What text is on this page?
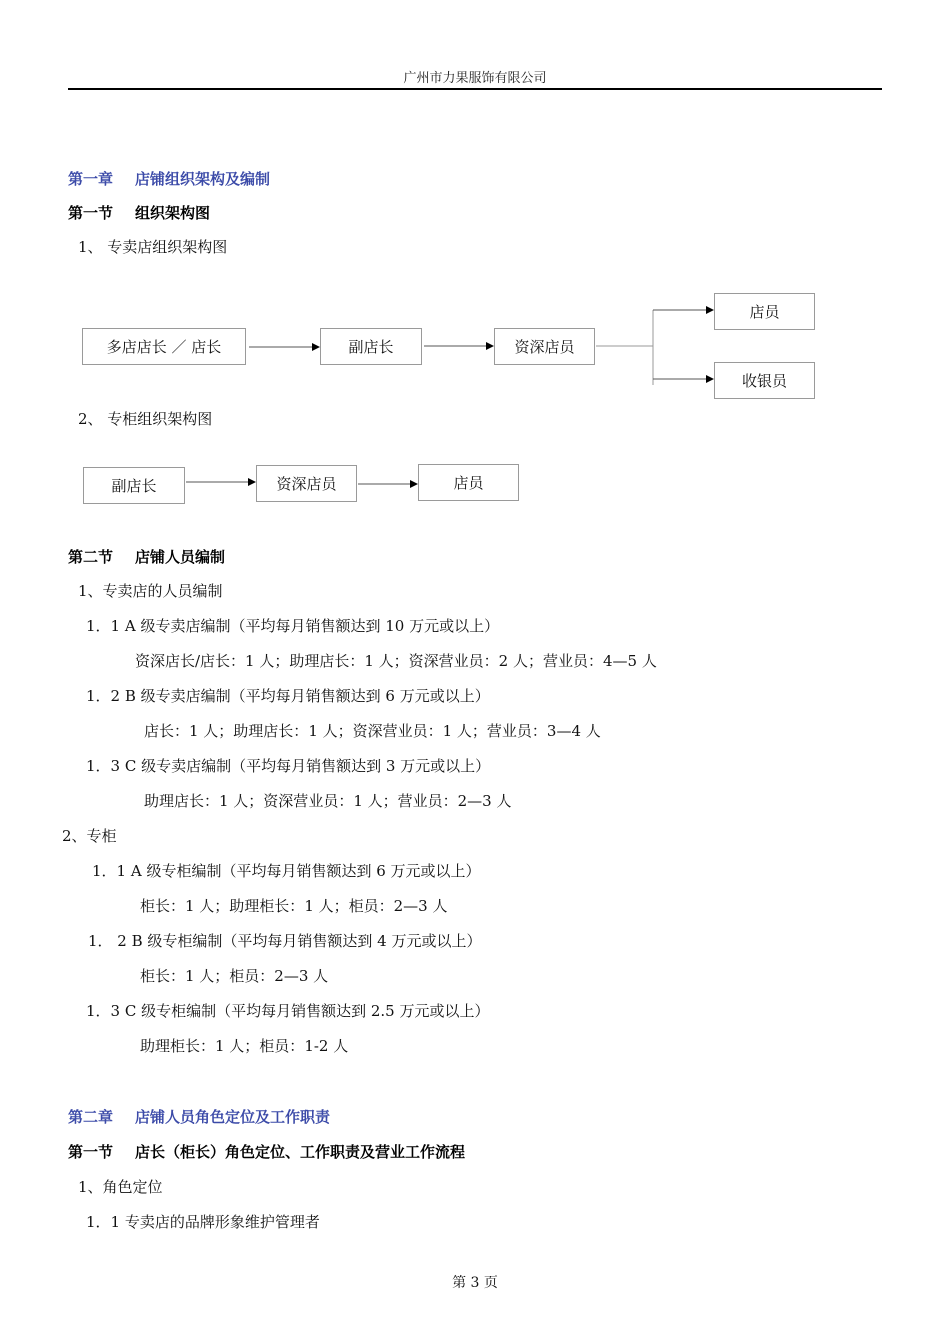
广州市力果服饰有限公司
第一章 店铺组织架构及编制
第一节 组织架构图
1、 专卖店组织架构图
多店店长 ／ 店长	副店长	资深店员
店员
收银员
2、 专柜组织架构图
副店长	资深店员	店员
第二节 店铺人员编制
1、专卖店的人员编制
1．1 A 级专卖店编制（平均每月销售额达到 10 万元或以上）
资深店长/店长：1 人；助理店长：1 人；资深营业员：2 人；营业员：4—5 人
1．2 B 级专卖店编制（平均每月销售额达到 6 万元或以上）
店长：1 人；助理店长：1 人；资深营业员：1 人；营业员：3—4 人
1．3 C 级专卖店编制（平均每月销售额达到 3 万元或以上）
助理店长：1 人；资深营业员：1 人；营业员：2—3 人
2、专柜
1．1 A 级专柜编制（平均每月销售额达到 6 万元或以上）
柜长：1 人；助理柜长：1 人；柜员：2—3 人
1． 2 B 级专柜编制（平均每月销售额达到 4 万元或以上）
柜长：1 人；柜员：2—3 人
1．3 C 级专柜编制（平均每月销售额达到 2.5 万元或以上）
助理柜长：1 人；柜员：1-2 人
第二章 店铺人员角色定位及工作职责
第一节 店长（柜长）角色定位、工作职责及营业工作流程
1、角色定位
1．1 专卖店的品牌形象维护管理者
第 3 页
